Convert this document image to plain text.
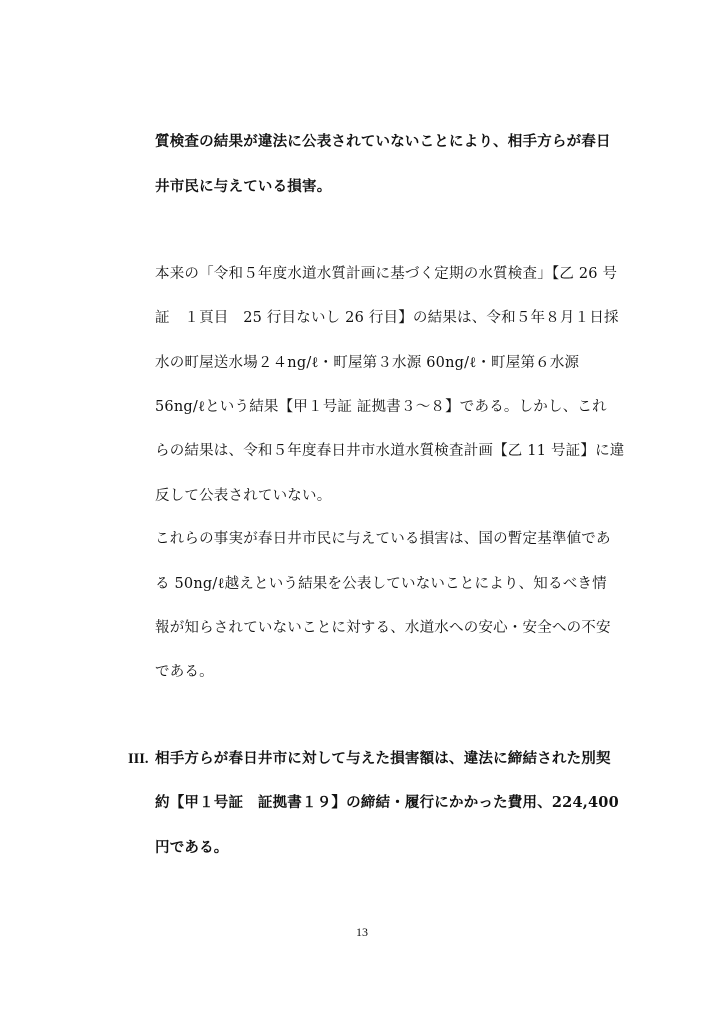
質検査の結果が違法に公表されていないことにより、相手方らが春日
井市民に与えている損害。
本来の「令和５年度水道水質計画に基づく定期の水質検査」【乙 26 号
証　１頁目　25 行目ないし 26 行目】の結果は、令和５年８月１日採
水の町屋送水場２４ng/ℓ・町屋第３水源 60ng/ℓ・町屋第６水源
56ng/ℓという結果【甲１号証 証拠書３～８】である。しかし、これ
らの結果は、令和５年度春日井市水道水質検査計画【乙 11 号証】に違
反して公表されていない。
これらの事実が春日井市民に与えている損害は、国の暫定基準値であ
る 50ng/ℓ越えという結果を公表していないことにより、知るべき情
報が知らされていないことに対する、水道水への安心・安全への不安
である。
III. 相手方らが春日井市に対して与えた損害額は、違法に締結された別契
約【甲１号証　証拠書１９】の締結・履行にかかった費用、224,400
円である。
13
